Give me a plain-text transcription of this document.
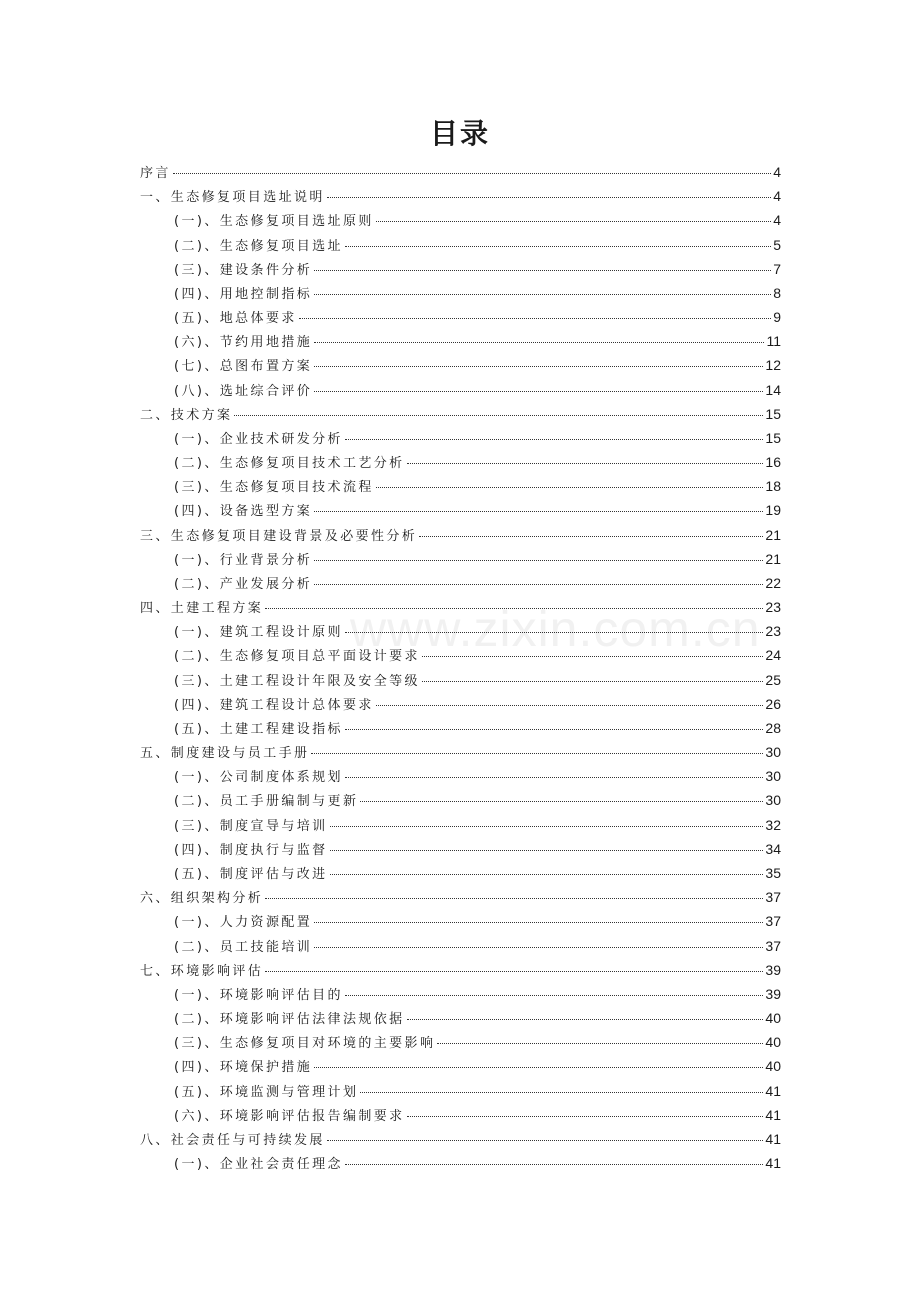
www.zixin.com.cn
目录
序言	4
一、生态修复项目选址说明	4
(一)、生态修复项目选址原则	4
(二)、生态修复项目选址	5
(三)、建设条件分析	7
(四)、用地控制指标	8
(五)、地总体要求	9
(六)、节约用地措施	11
(七)、总图布置方案	12
(八)、选址综合评价	14
二、技术方案	15
(一)、企业技术研发分析	15
(二)、生态修复项目技术工艺分析	16
(三)、生态修复项目技术流程	18
(四)、设备选型方案	19
三、生态修复项目建设背景及必要性分析	21
(一)、行业背景分析	21
(二)、产业发展分析	22
四、土建工程方案	23
(一)、建筑工程设计原则	23
(二)、生态修复项目总平面设计要求	24
(三)、土建工程设计年限及安全等级	25
(四)、建筑工程设计总体要求	26
(五)、土建工程建设指标	28
五、制度建设与员工手册	30
(一)、公司制度体系规划	30
(二)、员工手册编制与更新	30
(三)、制度宣导与培训	32
(四)、制度执行与监督	34
(五)、制度评估与改进	35
六、组织架构分析	37
(一)、人力资源配置	37
(二)、员工技能培训	37
七、环境影响评估	39
(一)、环境影响评估目的	39
(二)、环境影响评估法律法规依据	40
(三)、生态修复项目对环境的主要影响	40
(四)、环境保护措施	40
(五)、环境监测与管理计划	41
(六)、环境影响评估报告编制要求	41
八、社会责任与可持续发展	41
(一)、企业社会责任理念	41
